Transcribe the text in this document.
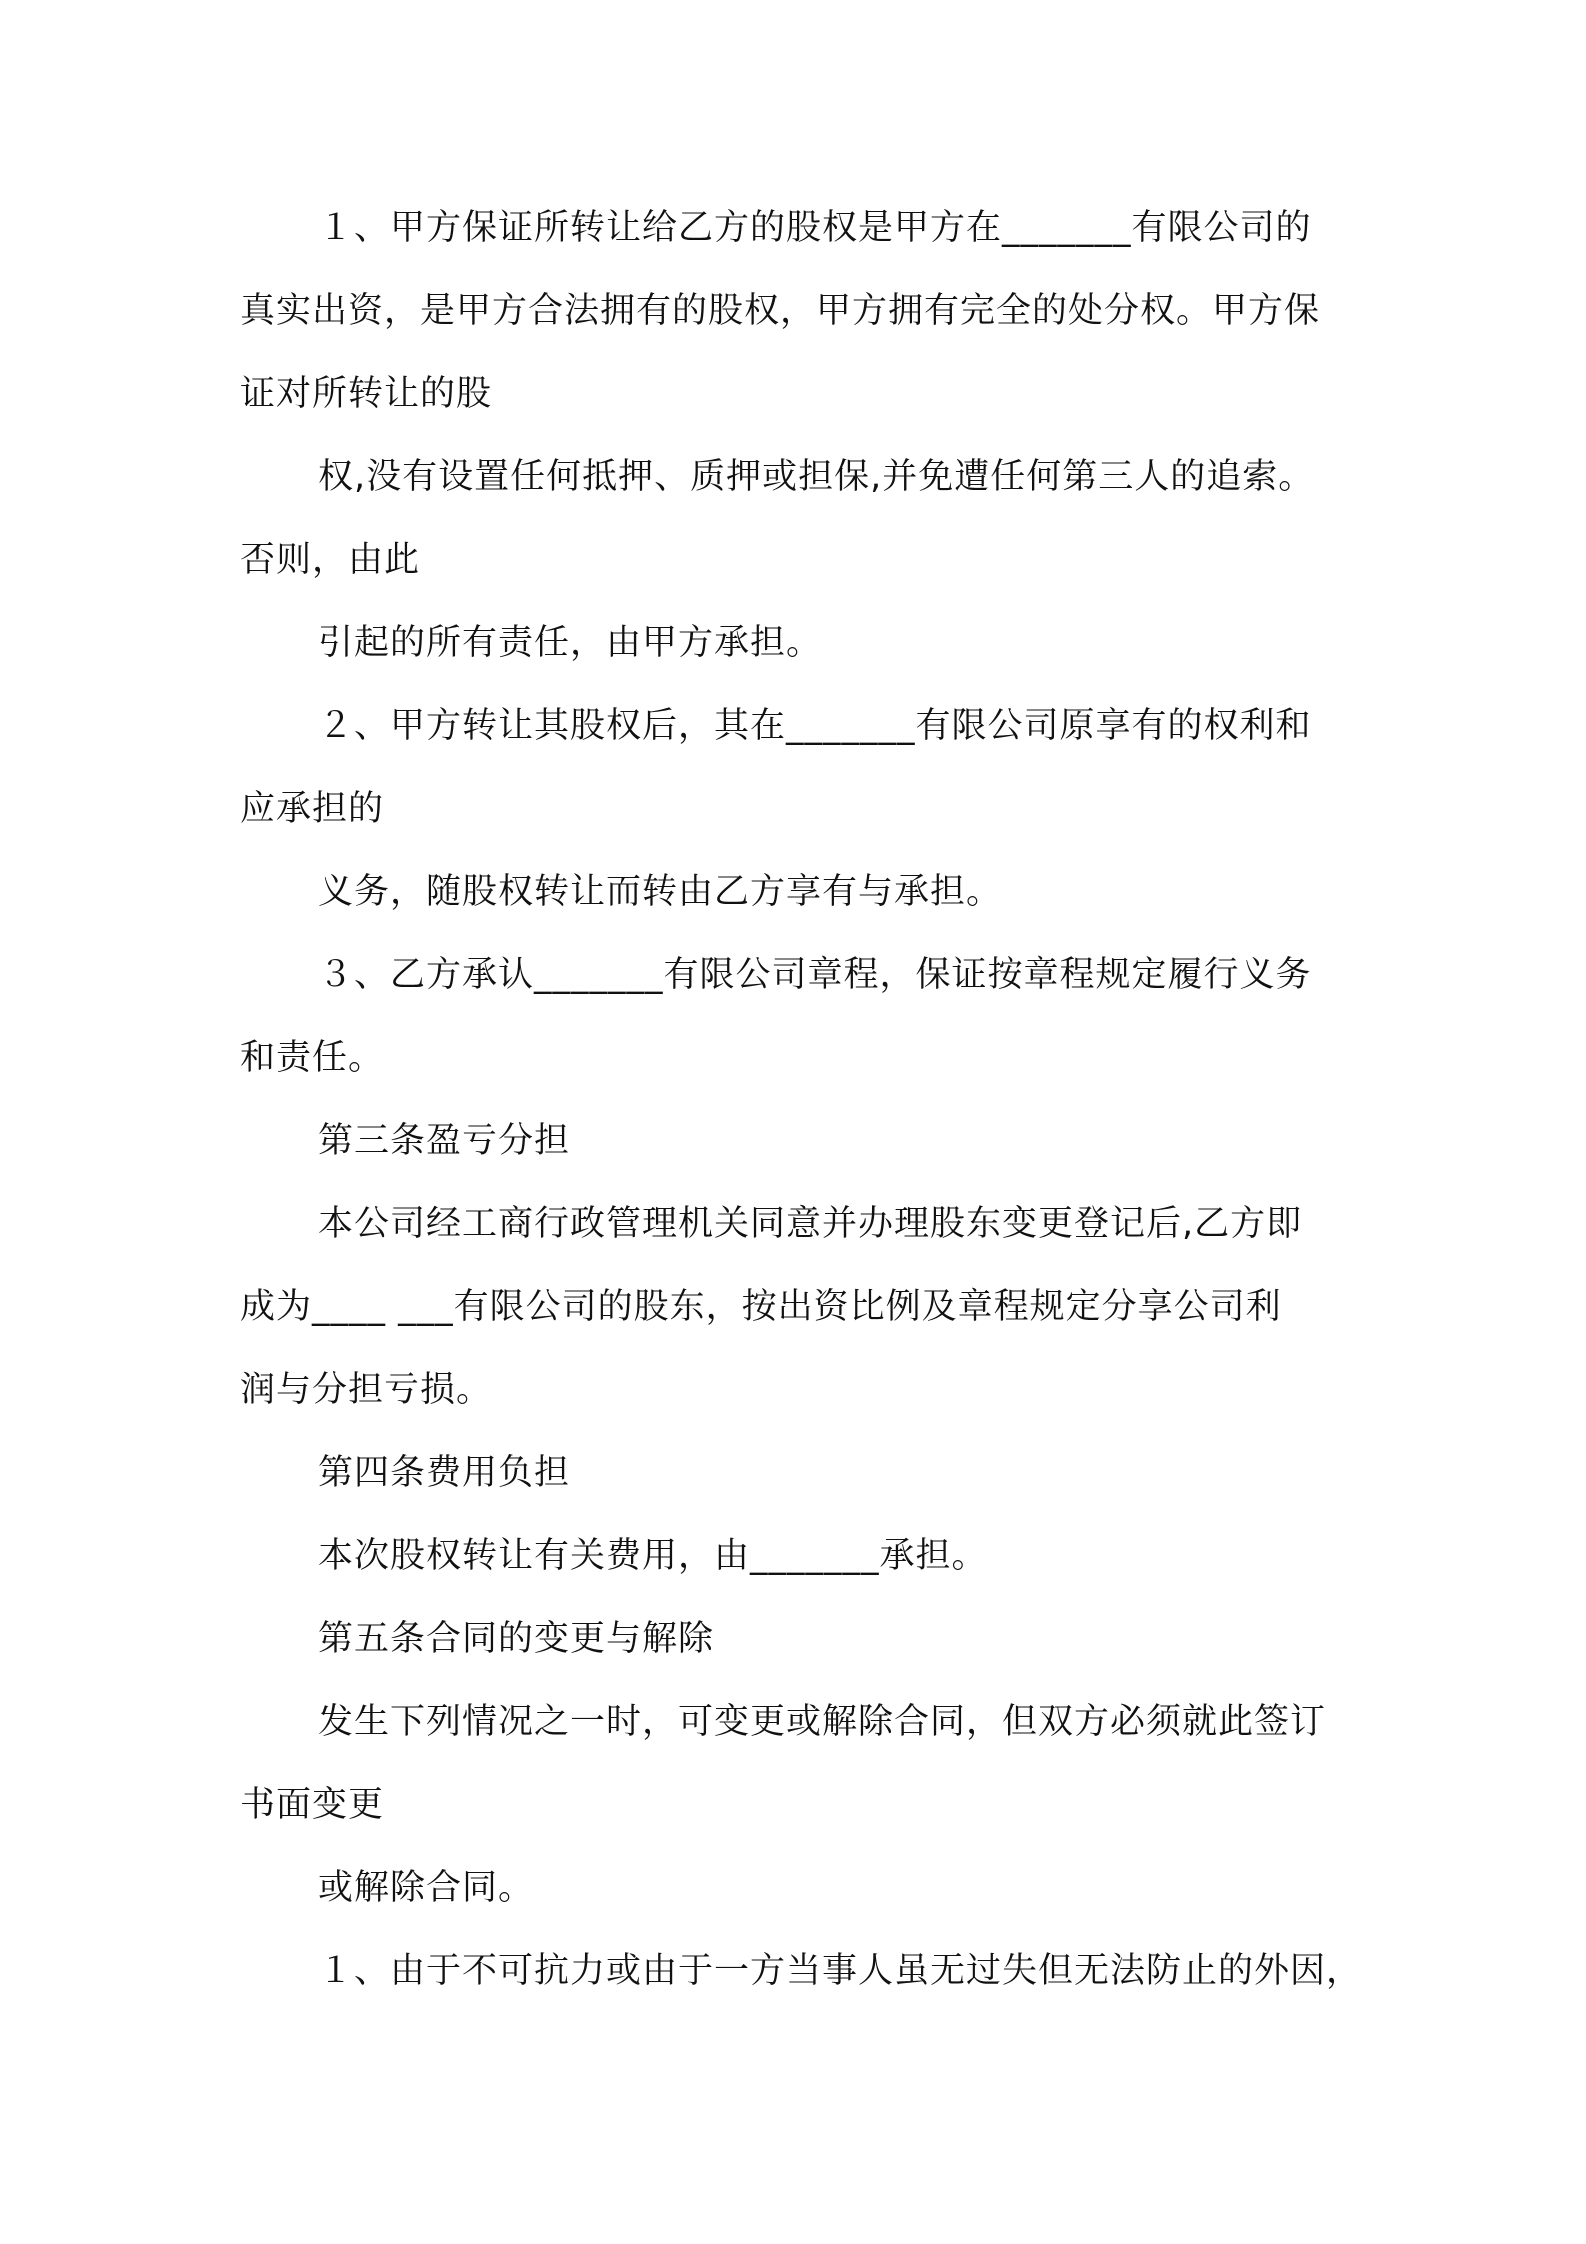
１、甲方保证所转让给乙方的股权是甲方在_______有限公司的
真实出资，是甲方合法拥有的股权，甲方拥有完全的处分权。甲方保
证对所转让的股
权,没有设置任何抵押、质押或担保,并免遭任何第三人的追索。
否则，由此
引起的所有责任，由甲方承担。
２、甲方转让其股权后，其在_______有限公司原享有的权利和
应承担的
义务，随股权转让而转由乙方享有与承担。
３、乙方承认_______有限公司章程，保证按章程规定履行义务
和责任。
第三条盈亏分担
本公司经工商行政管理机关同意并办理股东变更登记后,乙方即
成为____ ___有限公司的股东，按出资比例及章程规定分享公司利
润与分担亏损。
第四条费用负担
本次股权转让有关费用，由_______承担。
第五条合同的变更与解除
发生下列情况之一时，可变更或解除合同，但双方必须就此签订
书面变更
或解除合同。
１、由于不可抗力或由于一方当事人虽无过失但无法防止的外因，
